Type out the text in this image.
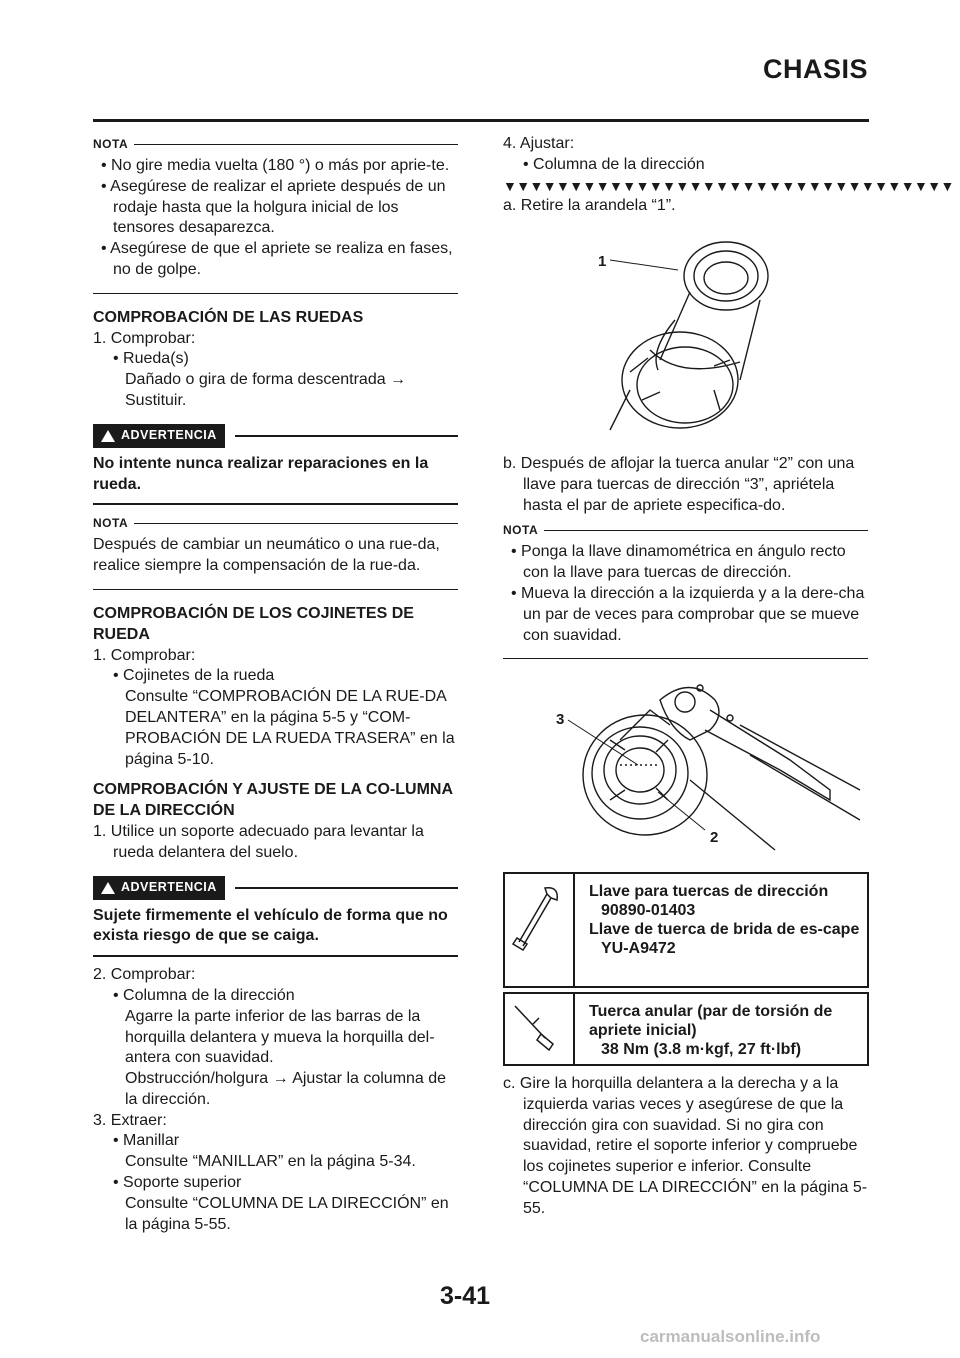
CHASIS
NOTA

• No gire media vuelta (180 °) o más por aprie-te.

• Asegúrese de realizar el apriete después de un rodaje hasta que la holgura inicial de los tensores desaparezca.

• Asegúrese de que el apriete se realiza en fases, no de golpe.

COMPROBACIÓN DE LAS RUEDAS

1. Comprobar:

• Rueda(s)

Dañado o gira de forma descentrada → Sustituir.

ADVERTENCIA

No intente nunca realizar reparaciones en la rueda.

NOTA

Después de cambiar un neumático o una rue-da, realice siempre la compensación de la rue-da.

COMPROBACIÓN DE LOS COJINETES DE RUEDA

1. Comprobar:

• Cojinetes de la rueda

Consulte “COMPROBACIÓN DE LA RUE-DA DELANTERA” en la página 5-5 y “COM-PROBACIÓN DE LA RUEDA TRASERA” en la página 5-10.

COMPROBACIÓN Y AJUSTE DE LA CO-LUMNA DE LA DIRECCIÓN

1. Utilice un soporte adecuado para levantar la rueda delantera del suelo.

ADVERTENCIA

Sujete firmemente el vehículo de forma que no exista riesgo de que se caiga.

2. Comprobar:

• Columna de la dirección

Agarre la parte inferior de las barras de la horquilla delantera y mueva la horquilla del-antera con suavidad.

Obstrucción/holgura → Ajustar la columna de la dirección.

3. Extraer:

• Manillar

Consulte “MANILLAR” en la página 5-34.

• Soporte superior

Consulte “COLUMNA DE LA DIRECCIÓN” en la página 5-55.

4. Ajustar:

• Columna de la dirección

▼▼▼▼▼▼▼▼▼▼▼▼▼▼▼▼▼▼▼▼▼▼▼▼▼▼▼▼▼▼▼▼▼▼

a. Retire la arandela “1”.

1

b. Después de aflojar la tuerca anular “2” con una llave para tuercas de dirección “3”, apriétela hasta el par de apriete especifica-do.

NOTA

• Ponga la llave dinamométrica en ángulo recto con la llave para tuercas de dirección.

• Mueva la dirección a la izquierda y a la dere-cha un par de veces para comprobar que se mueve con suavidad.

3
2
Llave para tuercas de dirección
90890-01403
Llave de tuerca de brida de es-cape
YU-A9472
Tuerca anular (par de torsión de apriete inicial)
38 Nm (3.8 m·kgf, 27 ft·lbf)

c. Gire la horquilla delantera a la derecha y a la izquierda varias veces y asegúrese de que la dirección gira con suavidad. Si no gira con suavidad, retire el soporte inferior y compruebe los cojinetes superior e inferior. Consulte “COLUMNA DE LA DIRECCIÓN” en la página 5-55.

3-41
carmanualsonline.info
